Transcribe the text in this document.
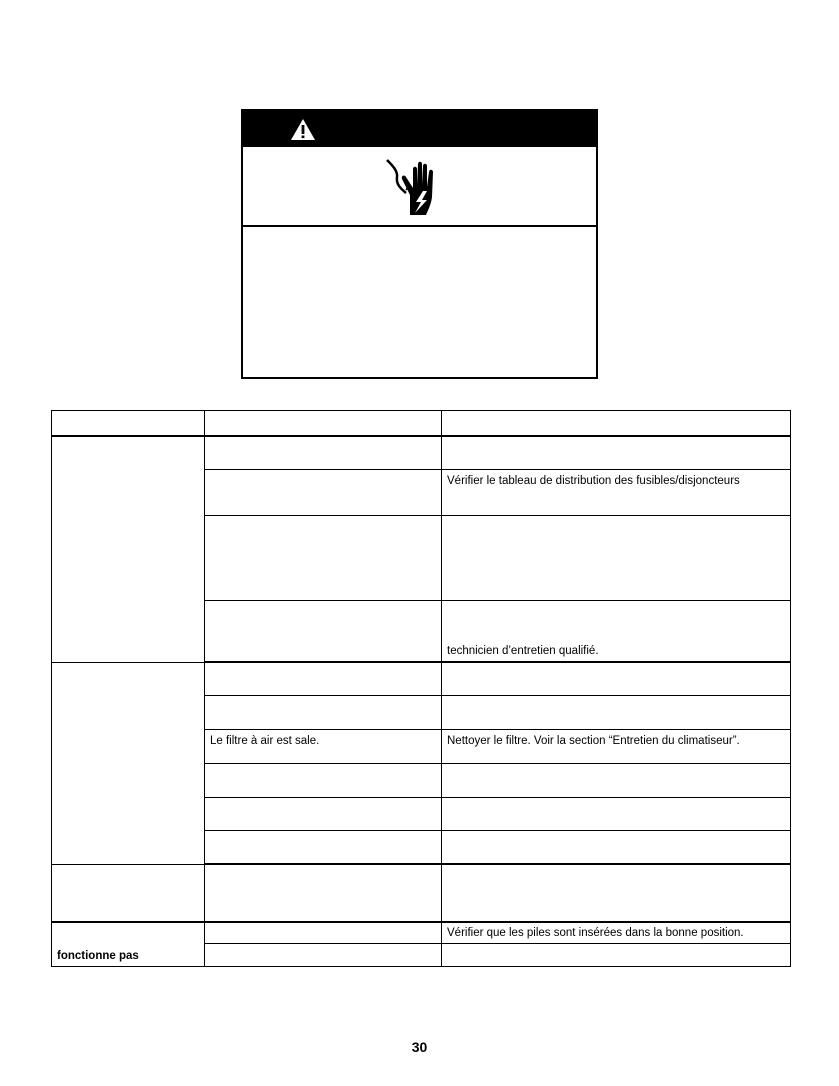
		Vérifier le tableau de distribution des fusibles/disjoncteurs

		technicien d’entretien qualifié.

	Le filtre à air est sale.	Nettoyer le filtre. Voir la section “Entretien du climatiseur”.

fonctionne pas		Vérifier que les piles sont insérées dans la bonne position.

30
